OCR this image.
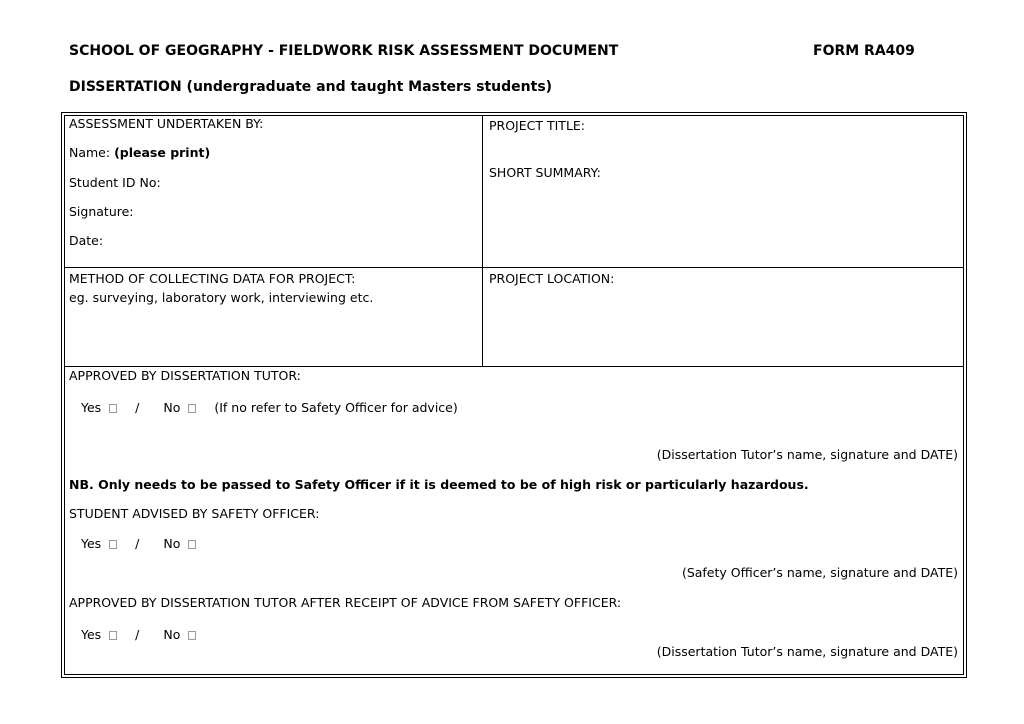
SCHOOL OF GEOGRAPHY - FIELDWORK RISK ASSESSMENT DOCUMENT	FORM RA409
DISSERTATION (undergraduate and taught Masters students)
ASSESSMENT UNDERTAKEN BY:
Name: (please print)
Student ID No:
Signature:
Date:
PROJECT TITLE:
SHORT SUMMARY:
METHOD OF COLLECTING DATA FOR PROJECT:
eg. surveying, laboratory work, interviewing etc.
PROJECT LOCATION:
APPROVED BY DISSERTATION TUTOR:
Yes	/ No	(If no refer to Safety Officer for advice)
(Dissertation Tutor’s name, signature and DATE)
NB. Only needs to be passed to Safety Officer if it is deemed to be of high risk or particularly hazardous.
STUDENT ADVISED BY SAFETY OFFICER:
Yes	/ No
(Safety Officer’s name, signature and DATE)
APPROVED BY DISSERTATION TUTOR AFTER RECEIPT OF ADVICE FROM SAFETY OFFICER:
Yes	/ No
(Dissertation Tutor’s name, signature and DATE)
